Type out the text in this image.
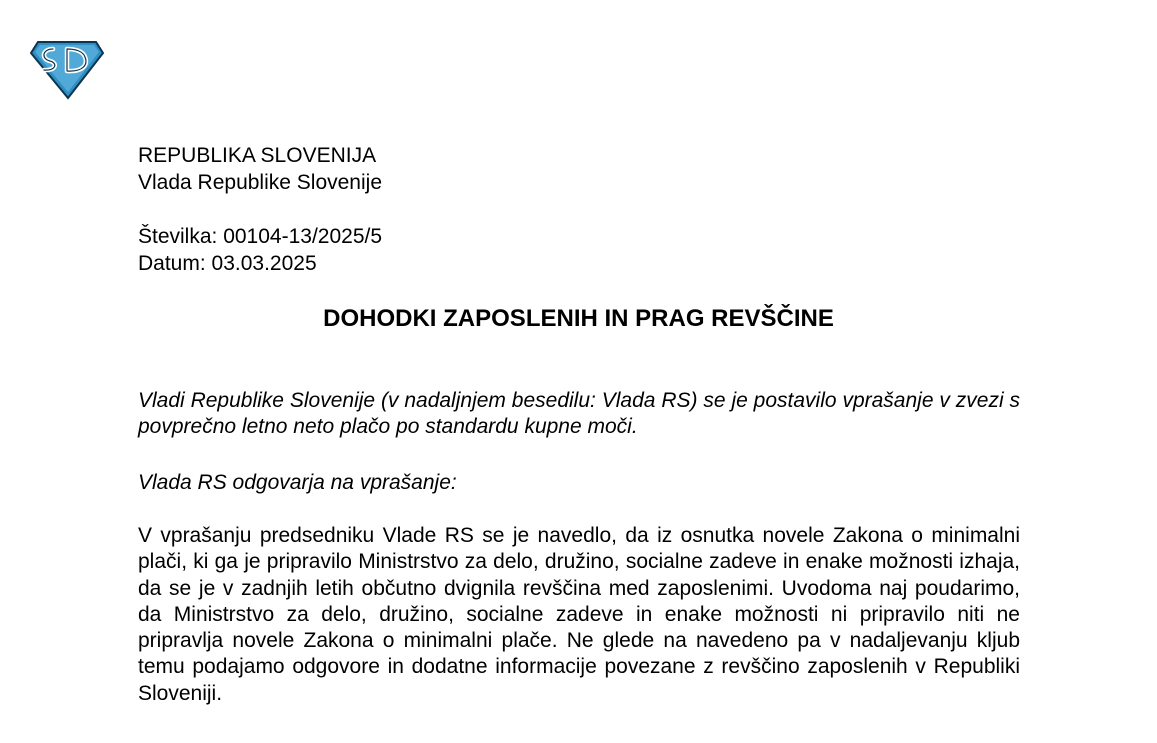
REPUBLIKA SLOVENIJA
Vlada Republike Slovenije
Številka: 00104-13/2025/5
Datum: 03.03.2025
DOHODKI ZAPOSLENIH IN PRAG REVŠČINE
Vladi Republike Slovenije (v nadaljnjem besedilu: Vlada RS) se je postavilo vprašanje v zvezi s povprečno letno neto plačo po standardu kupne moči.
Vlada RS odgovarja na vprašanje:
V vprašanju predsedniku Vlade RS se je navedlo, da iz osnutka novele Zakona o minimalni plači, ki ga je pripravilo Ministrstvo za delo, družino, socialne zadeve in enake možnosti izhaja, da se je v zadnjih letih občutno dvignila revščina med zaposlenimi. Uvodoma naj poudarimo, da Ministrstvo za delo, družino, socialne zadeve in enake možnosti ni pripravilo niti ne pripravlja novele Zakona o minimalni plače. Ne glede na navedeno pa v nadaljevanju kljub temu podajamo odgovore in dodatne informacije povezane z revščino zaposlenih v Republiki Sloveniji.
